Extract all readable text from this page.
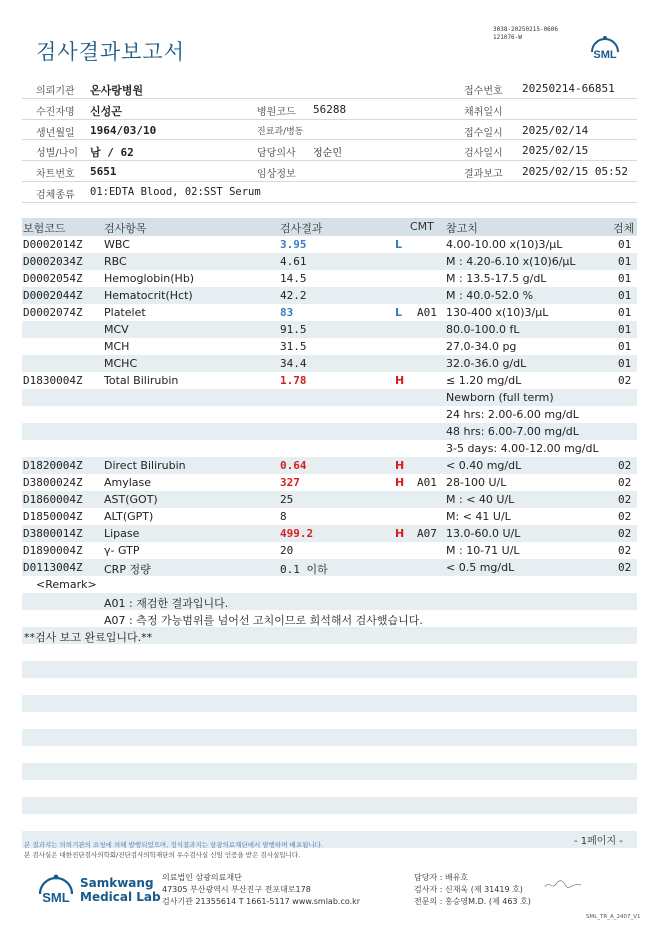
검사결과보고서
3038-20250215-0606
121076-W
SML
의뢰기관 온사랑병원	접수번호 20250214-66851
수진자명 신성곤	병원코드 56288	채취일시
생년월일 1964/03/10	진료과/병동	접수일시 2025/02/14
성별/나이 남 / 62	담당의사 정순민	검사일시 2025/02/15
차트번호 5651	임상정보	결과보고 2025/02/15 05:52
검체종류 01:EDTA Blood, 02:SST Serum
보험코드	검사항목	검사결과	CMT 참고치	검체
D0002014Z WBC	3.95	L	4.00-10.00 x(10)3/μL	01
D0002034Z RBC	4.61	M : 4.20-6.10 x(10)6/μL	01
D0002054Z Hemoglobin(Hb)	14.5	M : 13.5-17.5 g/dL	01
D0002044Z Hematocrit(Hct)	42.2	M : 40.0-52.0 %	01
D0002074Z Platelet	83	L A01 130-400 x(10)3/μL	01
MCV	91.5	80.0-100.0 fL	01
MCH	31.5	27.0-34.0 pg	01
MCHC	34.4	32.0-36.0 g/dL	01
D1830004Z Total Bilirubin	1.78	H	≤ 1.20 mg/dL	02
Newborn (full term)
24 hrs: 2.00-6.00 mg/dL
48 hrs: 6.00-7.00 mg/dL
3-5 days: 4.00-12.00 mg/dL
D1820004Z Direct Bilirubin	0.64	H	< 0.40 mg/dL	02
D3800024Z Amylase	327	H A01 28-100 U/L	02
D1860004Z AST(GOT)	25	M : < 40 U/L	02
D1850004Z ALT(GPT)	8	M: < 41 U/L	02
D3800014Z Lipase	499.2	H A07 13.0-60.0 U/L	02
D1890004Z γ- GTP	20	M : 10-71 U/L	02
D0113004Z CRP 정량	0.1 이하	< 0.5 mg/dL	02
<Remark>
A01 : 재검한 결과입니다.
A07 : 측정 가능범위를 넘어선 고치이므로 희석해서 검사했습니다.
**검사 보고 완료입니다.**
- 1페이지 -
본 결과지는 의뢰기관의 요청에 의해 발행되었으며, 정식결과지는 삼광의료재단에서 발행하며 배포됩니다.
본 검사실은 대한진단검사의학회/진단검사의학재단의 우수검사실 신임 인증을 받은 검사실입니다.
SML
Samkwang
Medical Lab
의료법인 삼광의료재단
47305 부산광역시 부산진구 전포대로178
검사기관 21355614 T 1661-5117 www.smlab.co.kr
담당자 : 배유호
검사자 : 신재욱 (제 31419 호)
전문의 : 홍승영M.D. (제 463 호)
SML_TR_A_2407_V1
